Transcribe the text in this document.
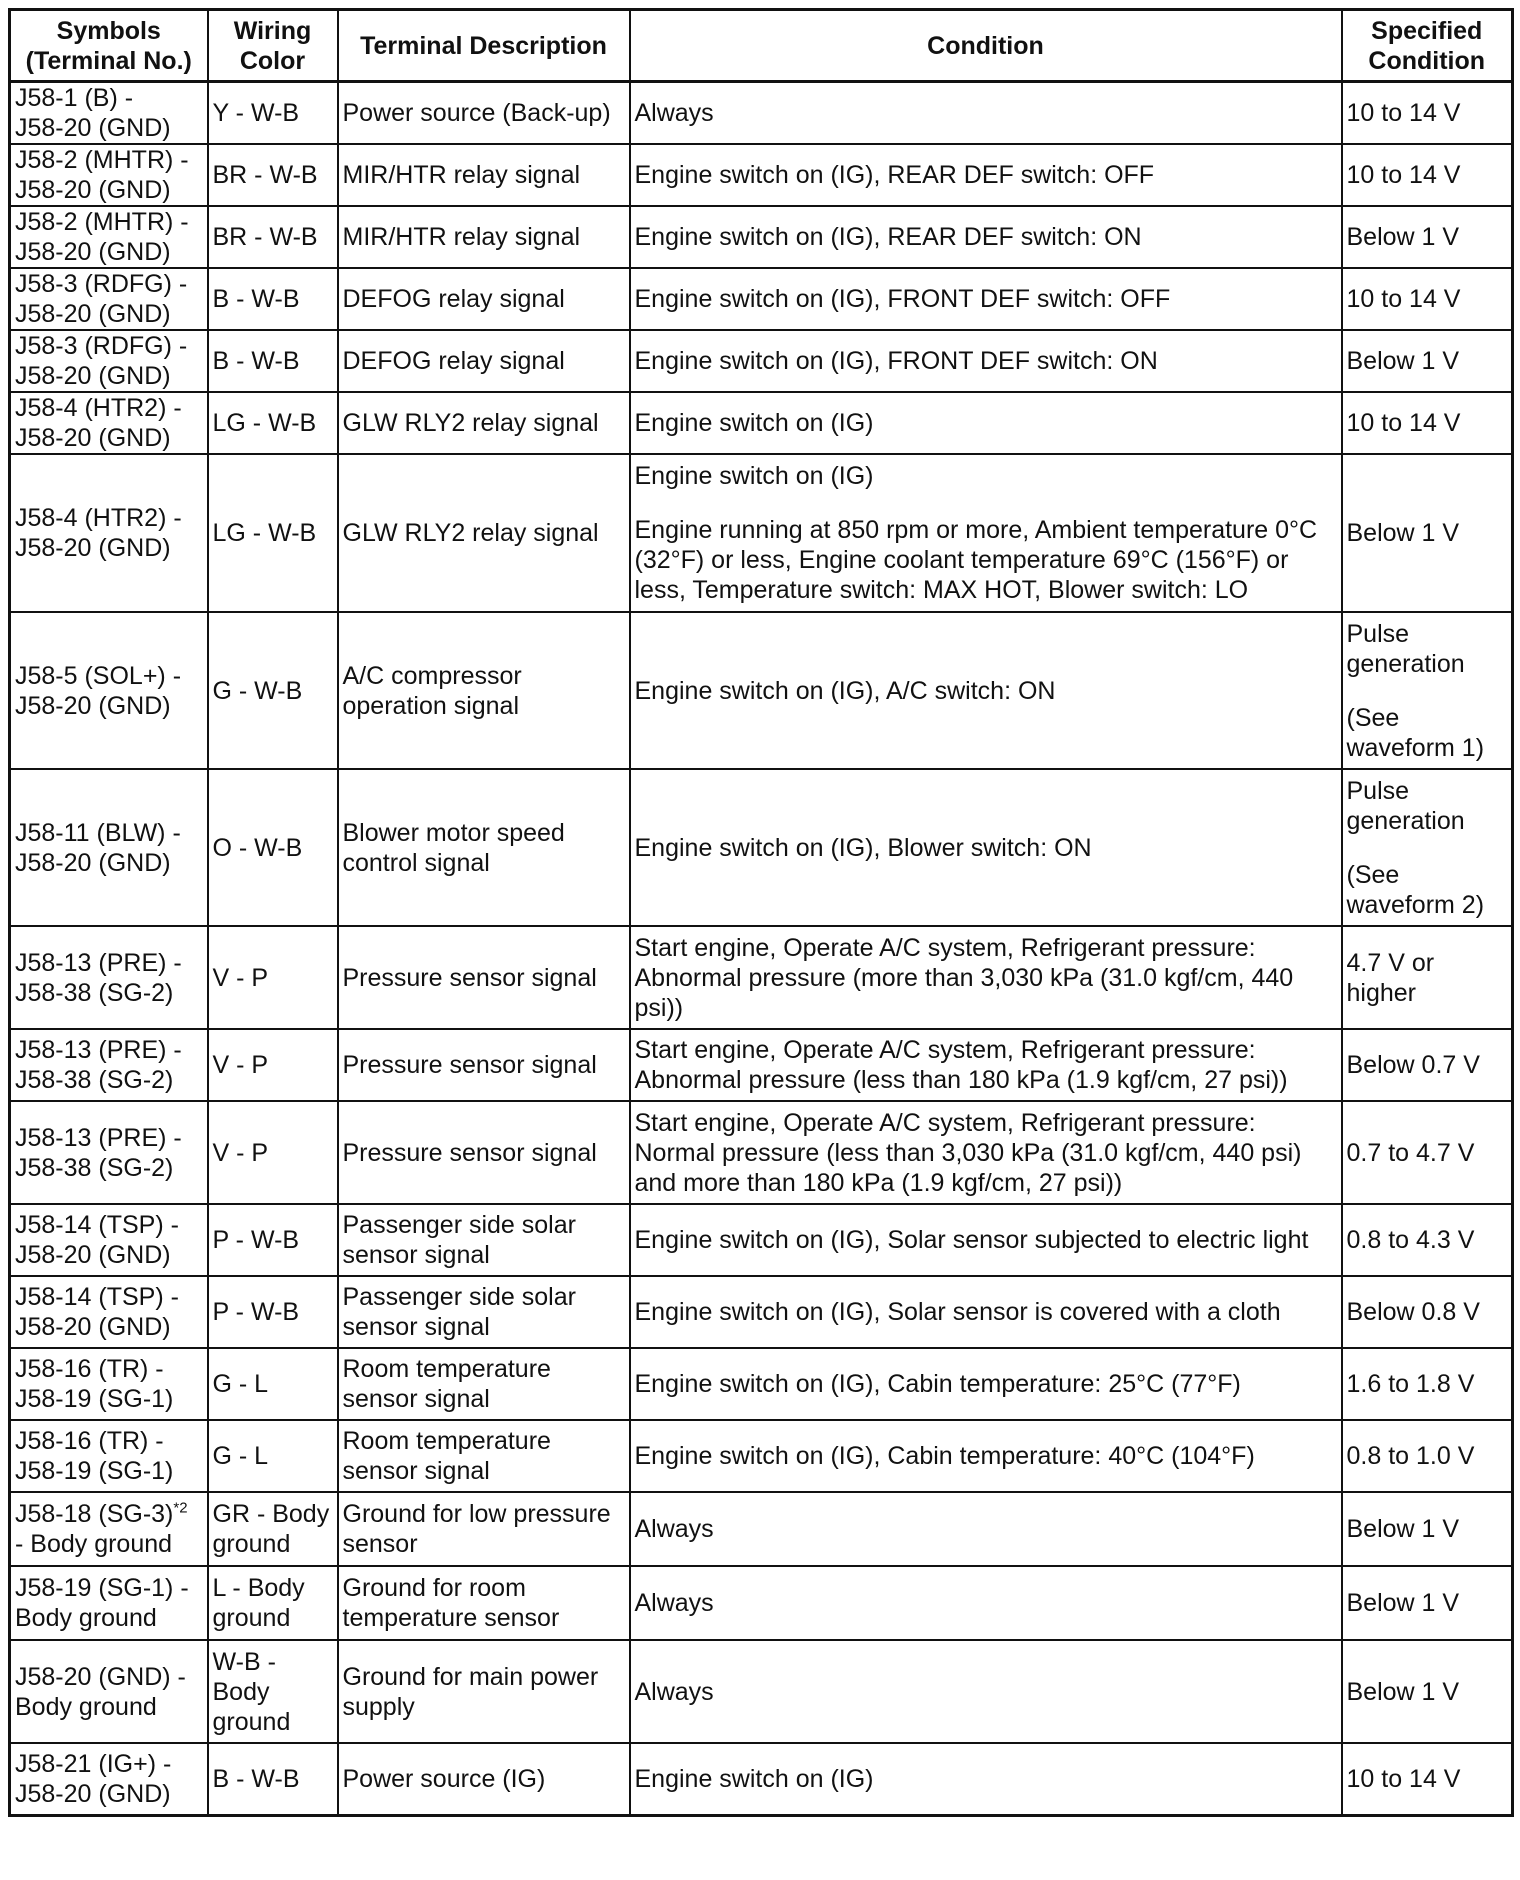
Symbols
(Terminal No.)	Wiring
Color	Terminal Description	Condition	Specified
Condition

J58-1 (B) -
J58-20 (GND)	Y - W-B	Power source (Back-up)	Always	10 to 14 V

J58-2 (MHTR) -
J58-20 (GND)	BR - W-B	MIR/HTR relay signal	Engine switch on (IG), REAR DEF switch: OFF	10 to 14 V

J58-2 (MHTR) -
J58-20 (GND)	BR - W-B	MIR/HTR relay signal	Engine switch on (IG), REAR DEF switch: ON	Below 1 V

J58-3 (RDFG) -
J58-20 (GND)	B - W-B	DEFOG relay signal	Engine switch on (IG), FRONT DEF switch: OFF	10 to 14 V

J58-3 (RDFG) -
J58-20 (GND)	B - W-B	DEFOG relay signal	Engine switch on (IG), FRONT DEF switch: ON	Below 1 V

J58-4 (HTR2) -
J58-20 (GND)	LG - W-B	GLW RLY2 relay signal	Engine switch on (IG)	10 to 14 V

J58-4 (HTR2) -
J58-20 (GND)	LG - W-B	GLW RLY2 relay signal	Engine switch on (IG)
Engine running at 850 rpm or more, Ambient temperature 0°C
(32°F) or less, Engine coolant temperature 69°C (156°F) or
less, Temperature switch: MAX HOT, Blower switch: LO	Below 1 V

J58-5 (SOL+) -
J58-20 (GND)	G - W-B	A/C compressor
operation signal	Engine switch on (IG), A/C switch: ON	Pulse
generation
(See
waveform 1)

J58-11 (BLW) -
J58-20 (GND)	O - W-B	Blower motor speed
control signal	Engine switch on (IG), Blower switch: ON	Pulse
generation
(See
waveform 2)

J58-13 (PRE) -
J58-38 (SG-2)	V - P	Pressure sensor signal	Start engine, Operate A/C system, Refrigerant pressure:
Abnormal pressure (more than 3,030 kPa (31.0 kgf/cm, 440
psi))	4.7 V or
higher

J58-13 (PRE) -
J58-38 (SG-2)	V - P	Pressure sensor signal	Start engine, Operate A/C system, Refrigerant pressure:
Abnormal pressure (less than 180 kPa (1.9 kgf/cm, 27 psi))	Below 0.7 V

J58-13 (PRE) -
J58-38 (SG-2)	V - P	Pressure sensor signal	Start engine, Operate A/C system, Refrigerant pressure:
Normal pressure (less than 3,030 kPa (31.0 kgf/cm, 440 psi)
and more than 180 kPa (1.9 kgf/cm, 27 psi))	0.7 to 4.7 V

J58-14 (TSP) -
J58-20 (GND)	P - W-B	Passenger side solar
sensor signal	Engine switch on (IG), Solar sensor subjected to electric light	0.8 to 4.3 V

J58-14 (TSP) -
J58-20 (GND)	P - W-B	Passenger side solar
sensor signal	Engine switch on (IG), Solar sensor is covered with a cloth	Below 0.8 V

J58-16 (TR) -
J58-19 (SG-1)	G - L	Room temperature
sensor signal	Engine switch on (IG), Cabin temperature: 25°C (77°F)	1.6 to 1.8 V

J58-16 (TR) -
J58-19 (SG-1)	G - L	Room temperature
sensor signal	Engine switch on (IG), Cabin temperature: 40°C (104°F)	0.8 to 1.0 V

J58-18 $(SG-3)^{*2}$
- Body ground	GR - Body
ground	Ground for low pressure
sensor	Always	Below 1 V

J58-19 (SG-1) -
Body ground	L - Body
ground	Ground for room
temperature sensor	Always	Below 1 V

J58-20 (GND) -
Body ground	W-B -
Body
ground	Ground for main power
supply	Always	Below 1 V

J58-21 (IG+) -
J58-20 (GND)	B - W-B	Power source (IG)	Engine switch on (IG)	10 to 14 V
